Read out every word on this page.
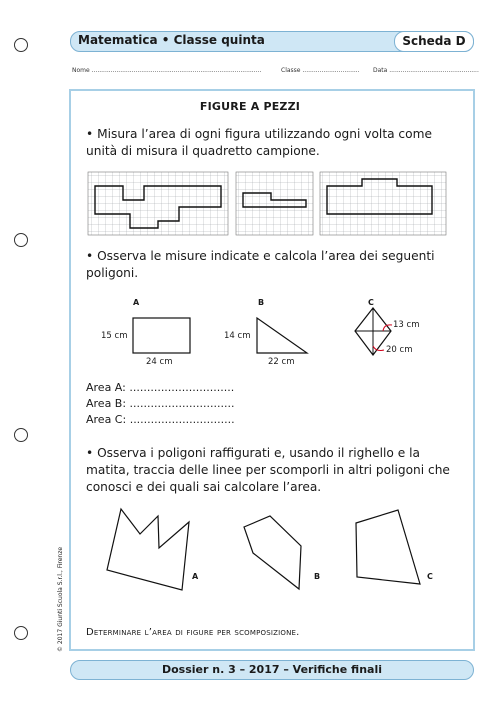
Matematica • Classe quinta	Scheda D
Nome .........................................................................................	Classe .............................. Data ...............................................
FIGURE A PEZZI
• Misura l’area di ogni figura utilizzando ogni volta come unità di misura il quadretto campione.
• Osserva le misure indicate e calcola l’area dei seguenti poligoni.
A	B	C
15 cm
24 cm
14 cm
22 cm
13 cm
20 cm
Area A: ..............................
Area B: ..............................
Area C: ..............................
• Osserva i poligoni raffigurati e, usando il righello e la matita, traccia delle linee per scomporli in altri poligoni che conosci e dei quali sai calcolare l’area.
A	B	C
Determinare l’area di figure per scomposizione.
© 2017 Giunti Scuola S.r.l., Firenze
Dossier n. 3 – 2017 – Verifiche finali
